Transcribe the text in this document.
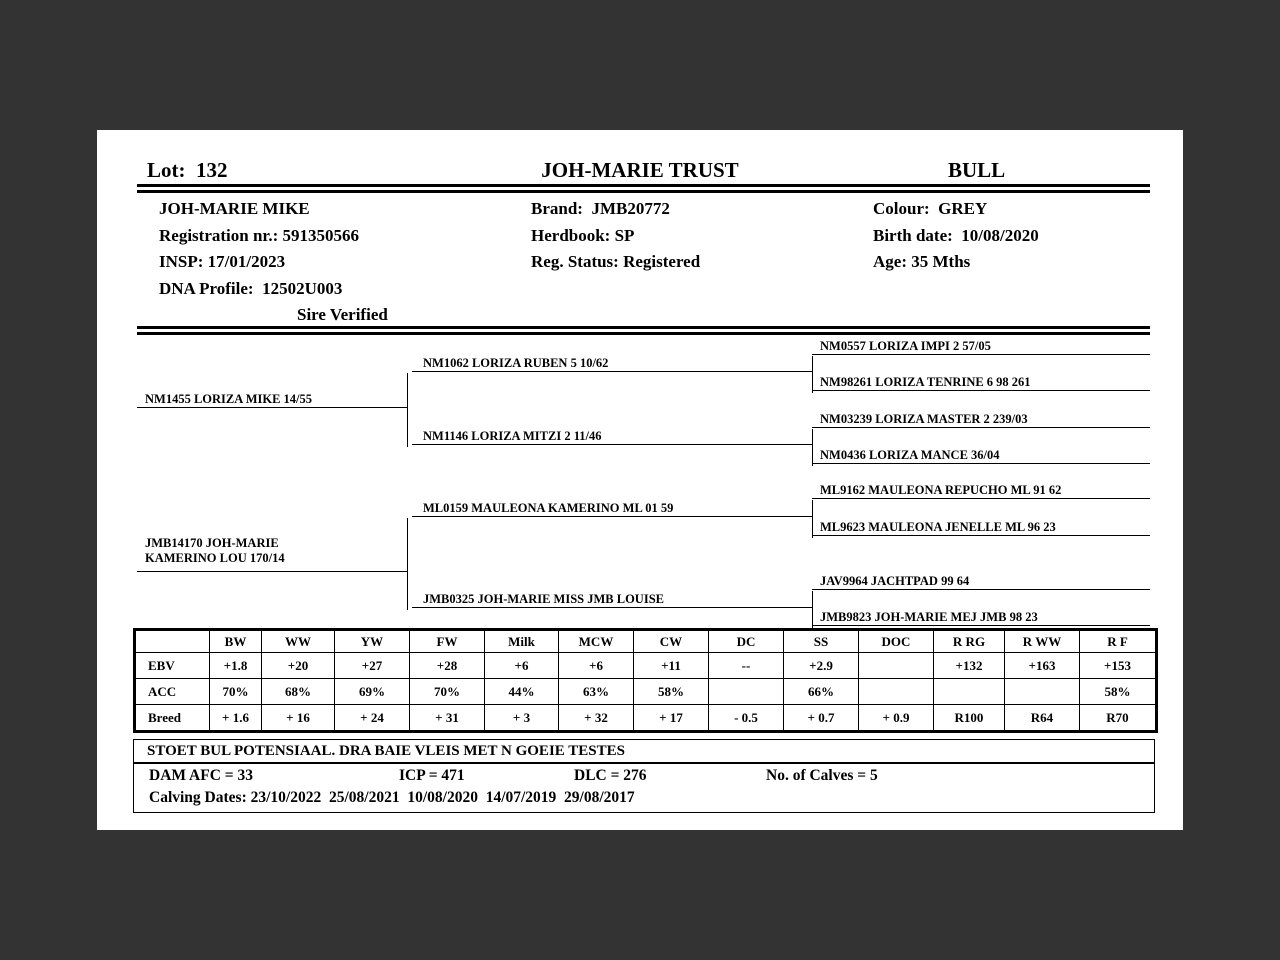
Lot:  132	JOH-MARIE TRUST	BULL
JOH-MARIE MIKE
Registration nr.: 591350566
INSP: 17/01/2023
DNA Profile:  12502U003
Sire Verified
Brand:  JMB20772
Herdbook: SP
Reg. Status: Registered
Colour:  GREY
Birth date:  10/08/2020
Age: 35 Mths
NM0557 LORIZA IMPI 2 57/05
NM1062 LORIZA RUBEN 5 10/62
NM98261 LORIZA TENRINE 6 98 261
NM1455 LORIZA MIKE 14/55
NM03239 LORIZA MASTER 2 239/03
NM1146 LORIZA MITZI 2 11/46
NM0436 LORIZA MANCE 36/04
ML9162 MAULEONA REPUCHO ML 91 62
ML0159 MAULEONA KAMERINO ML 01 59
ML9623 MAULEONA JENELLE ML 96 23
JMB14170 JOH-MARIE
KAMERINO LOU 170/14
JAV9964 JACHTPAD 99 64
JMB0325 JOH-MARIE MISS JMB LOUISE
JMB9823 JOH-MARIE MEJ JMB 98 23
	BW	WW	YW	FW	Milk	MCW	CW	DC	SS	DOC	R RG	R WW	R F
EBV	+1.8	+20	+27	+28	+6	+6	+11	--	+2.9		+132	+163	+153
ACC	70%	68%	69%	70%	44%	63%	58%		66%				58%
Breed	+ 1.6	+ 16	+ 24	+ 31	+ 3	+ 32	+ 17	- 0.5	+ 0.7	+ 0.9	R100	R64	R70
STOET BUL POTENSIAAL. DRA BAIE VLEIS MET N GOEIE TESTES
DAM AFC = 33	ICP = 471	DLC = 276	No. of Calves = 5
Calving Dates: 23/10/2022  25/08/2021  10/08/2020  14/07/2019  29/08/2017
